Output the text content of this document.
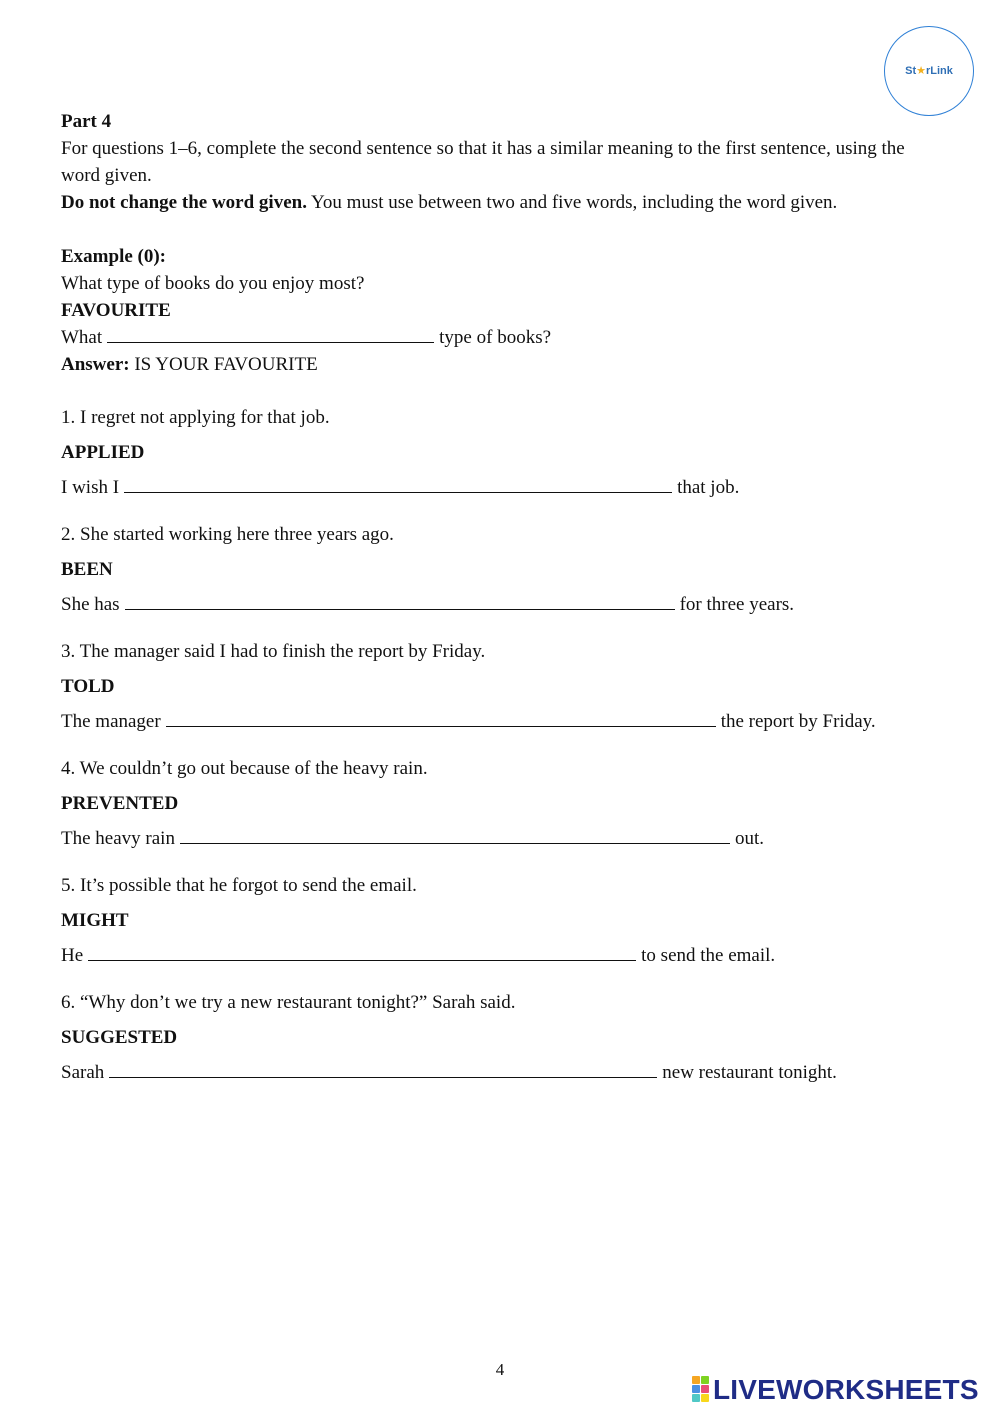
St ★ rLink
Part 4
For questions 1–6, complete the second sentence so that it has a similar meaning to the first sentence, using the word given.
Do not change the word given. You must use between two and five words, including the word given.
Example (0):
What type of books do you enjoy most?
FAVOURITE
What	type of books?
Answer: IS YOUR FAVOURITE
1. I regret not applying for that job.
APPLIED
I wish I	that job.
2. She started working here three years ago.
BEEN
She has	for three years.
3. The manager said I had to finish the report by Friday.
TOLD
The manager	the report by Friday.
4. We couldn’t go out because of the heavy rain.
PREVENTED
The heavy rain	out.
5. It’s possible that he forgot to send the email.
MIGHT
He	to send the email.
6. “Why don’t we try a new restaurant tonight?” Sarah said.
SUGGESTED
Sarah	new restaurant tonight.
4
LIVEWORKSHEETS
